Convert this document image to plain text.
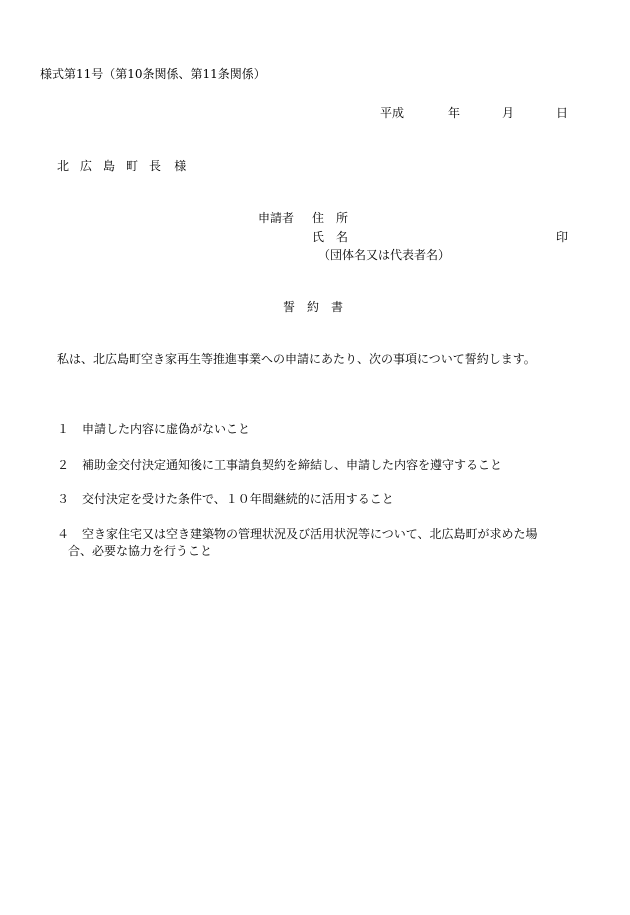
様式第11号（第10条関係、第11条関係）
平成	年	月	日
北 広 島 町 長 様
申請者 住　所
氏　名	印
（団体名又は代表者名）
誓　約　書
私は、北広島町空き家再生等推進事業への申請にあたり、次の事項について誓約します。
１ 申請した内容に虚偽がないこと
２ 補助金交付決定通知後に工事請負契約を締結し、申請した内容を遵守すること
３ 交付決定を受けた条件で、１０年間継続的に活用すること
４ 空き家住宅又は空き建築物の管理状況及び活用状況等について、北広島町が求めた場
合、必要な協力を行うこと
